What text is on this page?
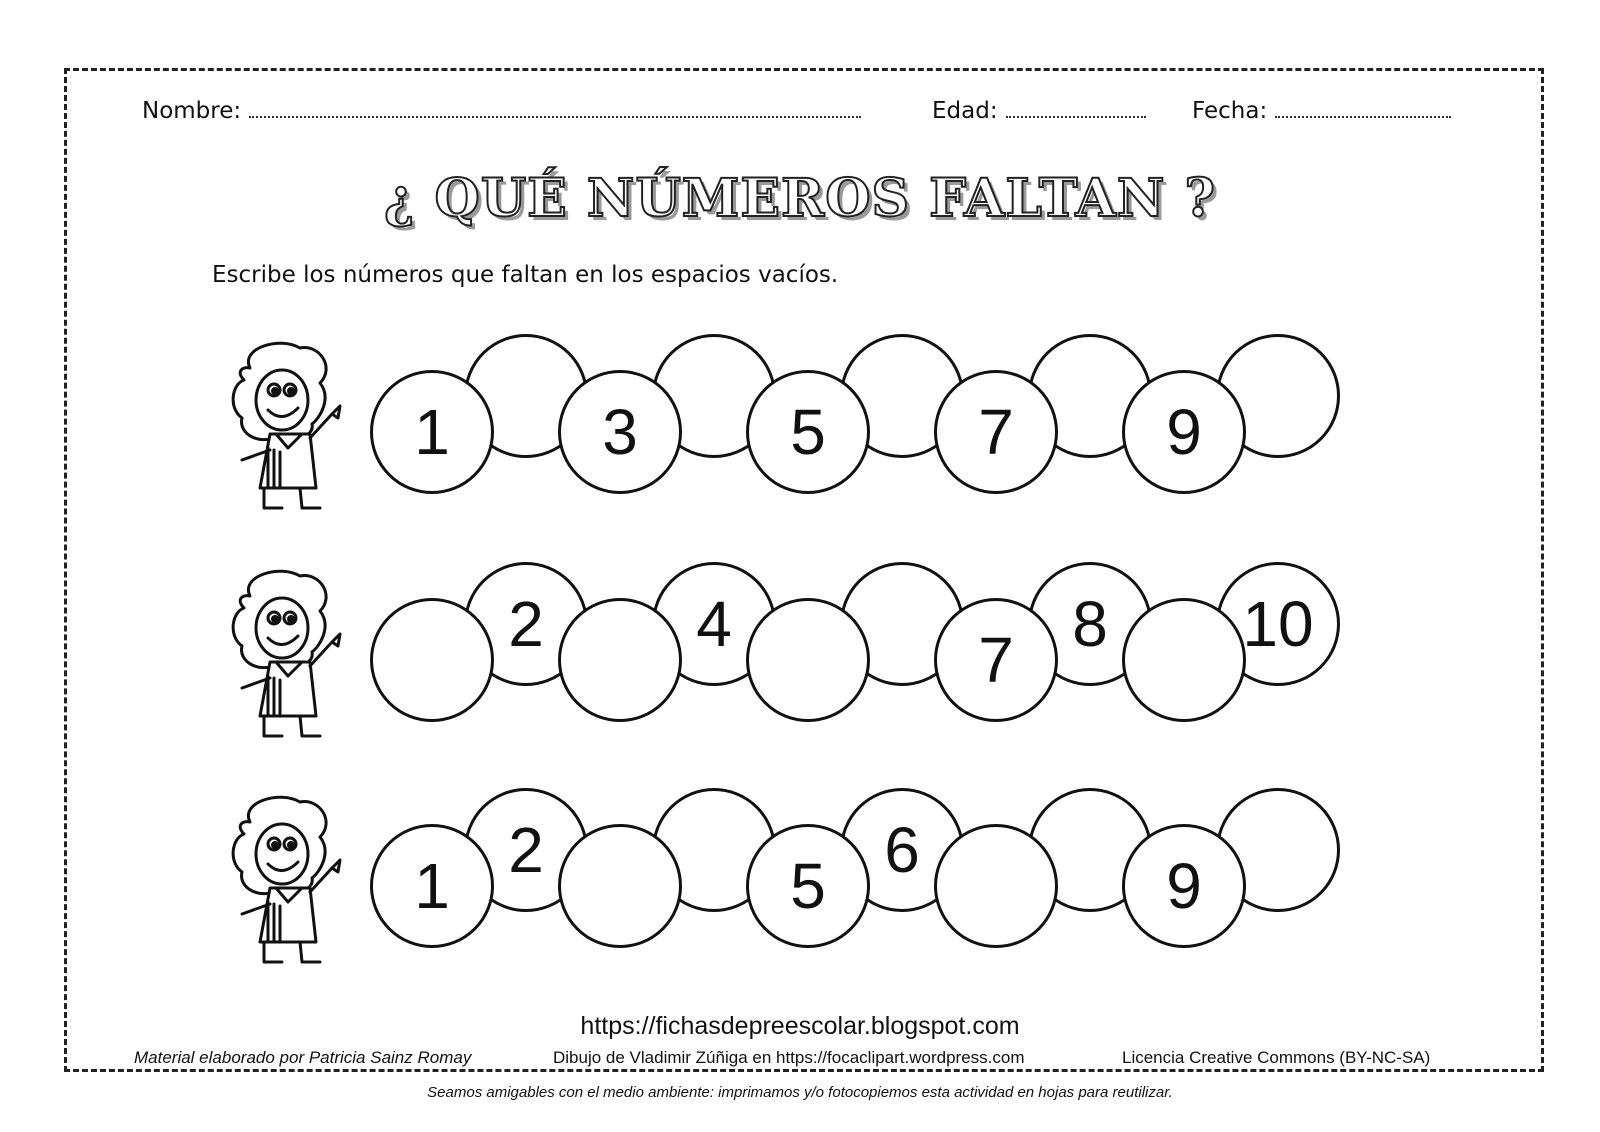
Nombre:	Edad:	Fecha:
¿ QUÉ NÚMEROS FALTAN ?
Escribe los números que faltan en los espacios vacíos.
1	3	5	7	9
2	4	8	10
7
2	6
1	5	9
https://fichasdepreescolar.blogspot.com
Material elaborado por Patricia Sainz Romay	Dibujo de Vladimir Zúñiga en https://focaclipart.wordpress.com	Licencia Creative Commons (BY-NC-SA)
Seamos amigables con el medio ambiente: imprimamos y/o fotocopiemos esta actividad en hojas para reutilizar.
